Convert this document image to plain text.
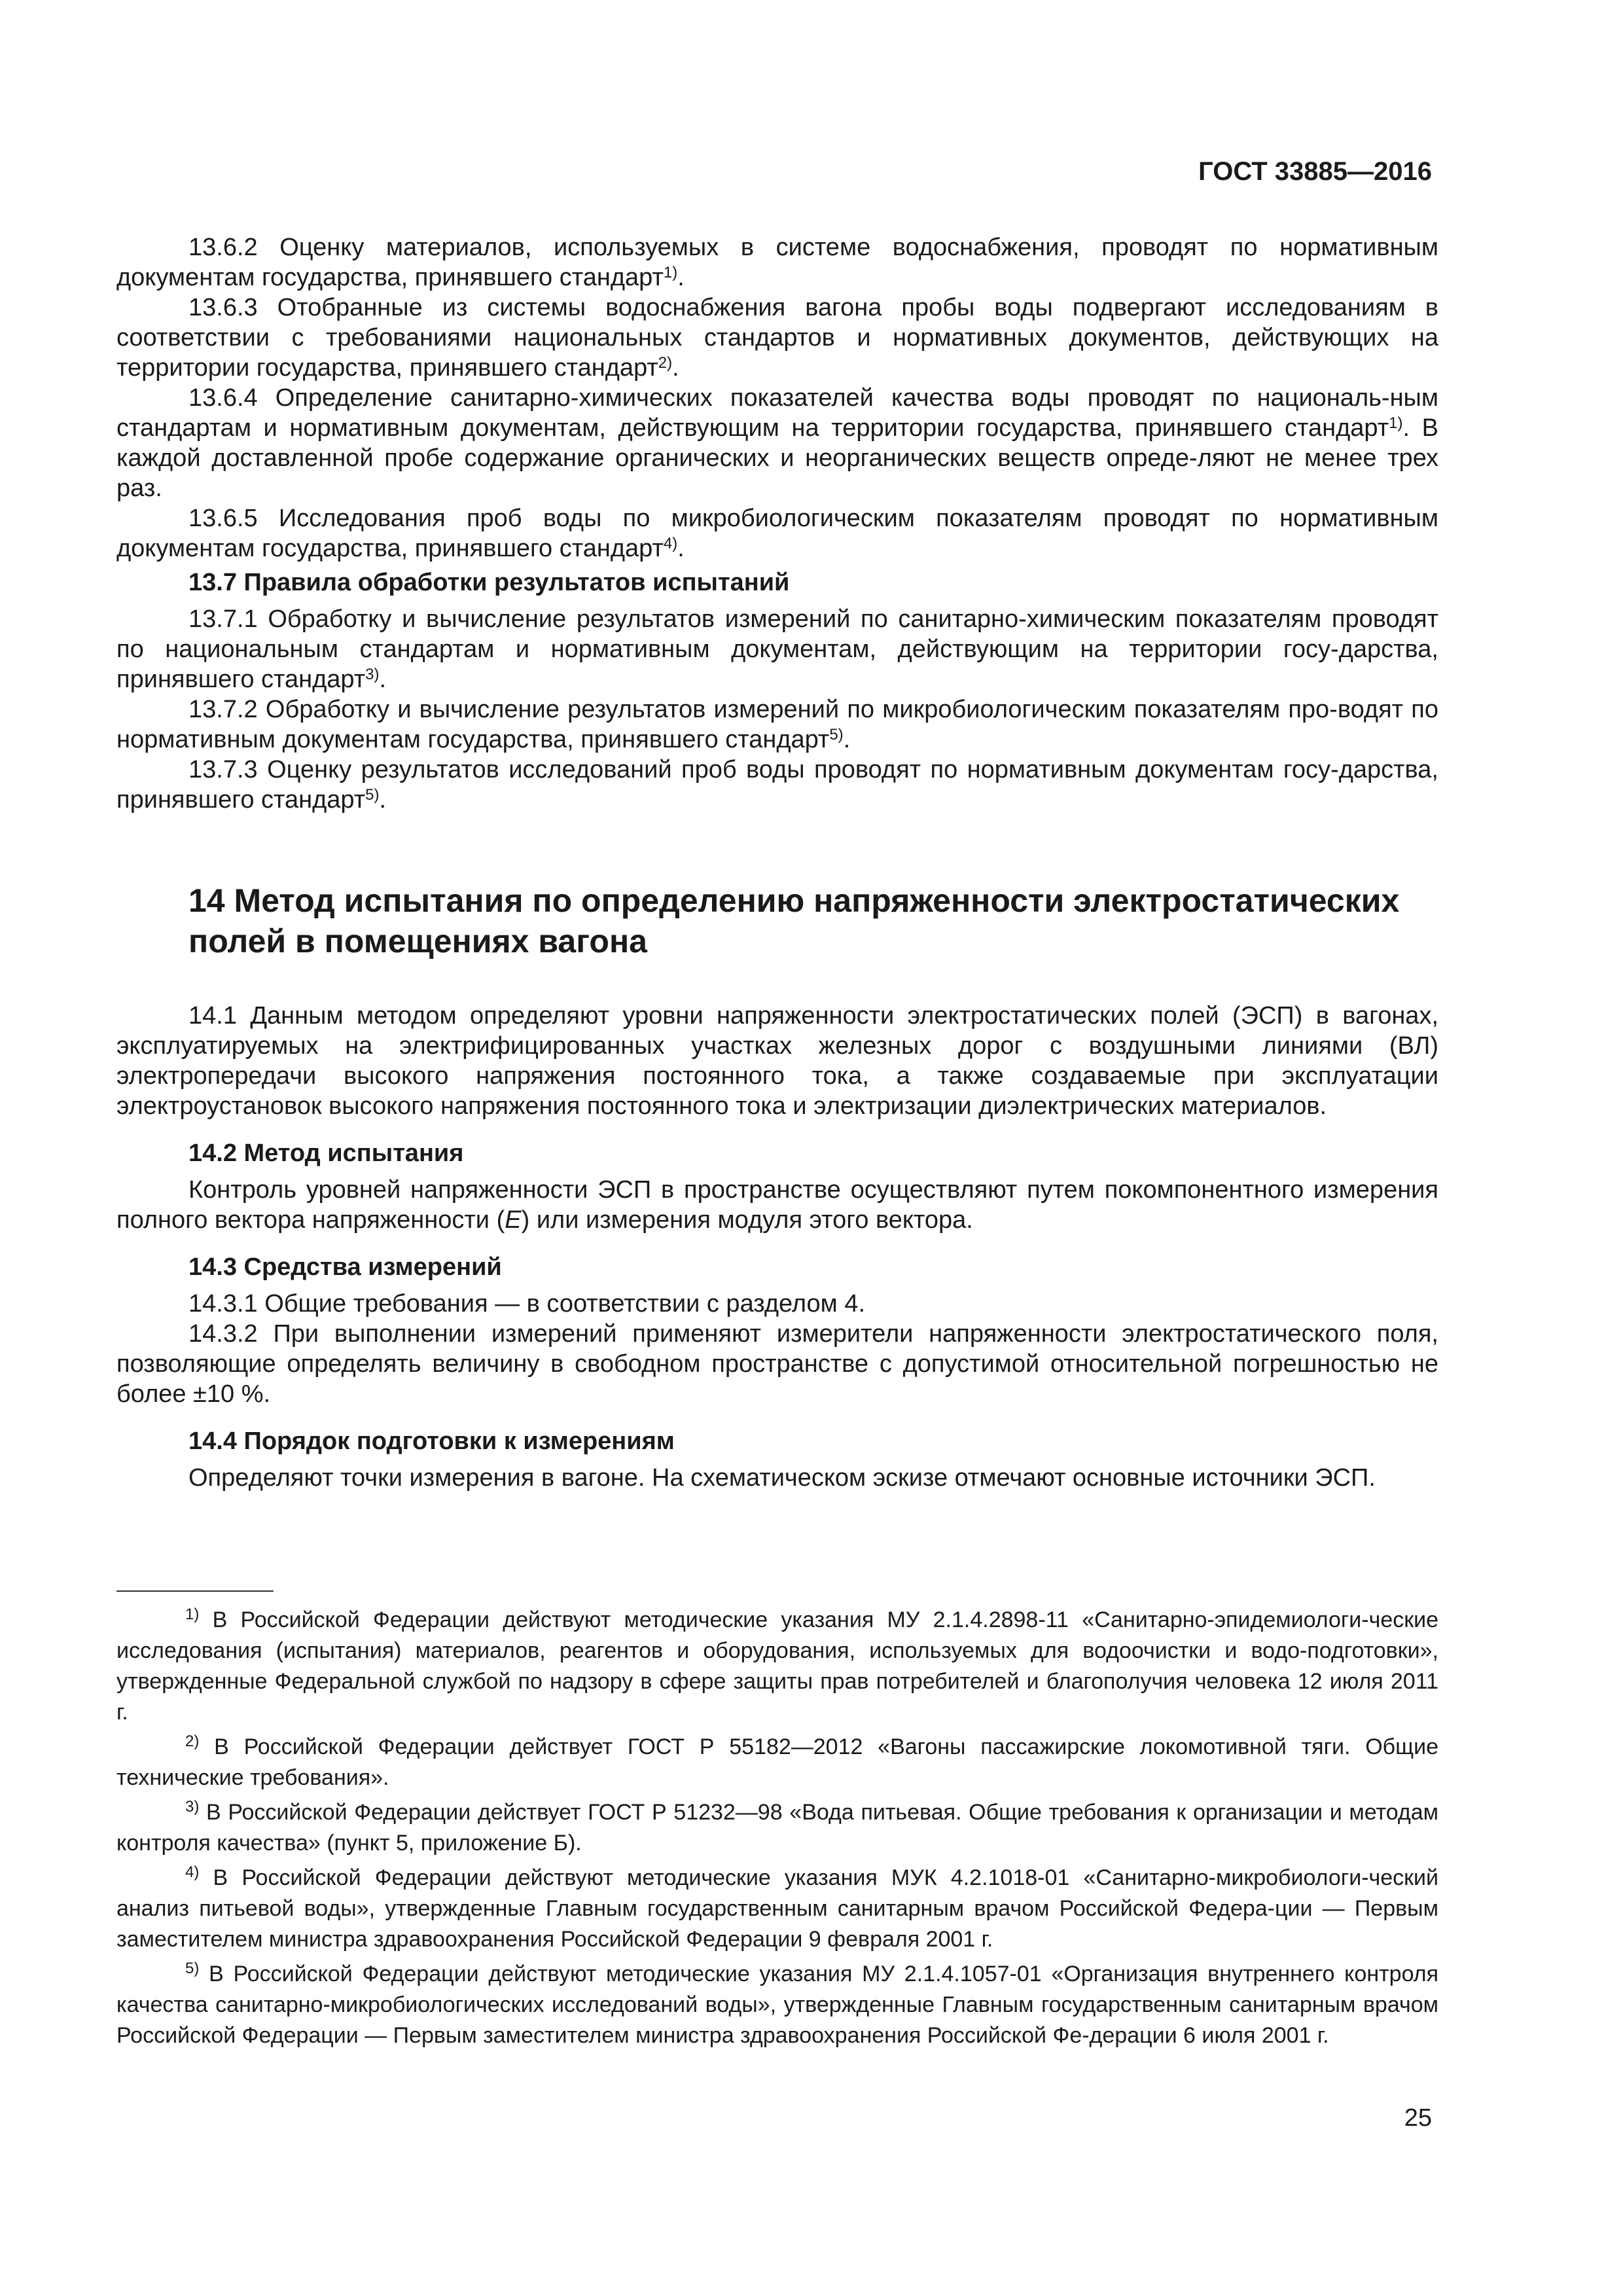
ГОСТ 33885—2016

13.6.2 Оценку материалов, используемых в системе водоснабжения, проводят по нормативным документам государства, принявшего стандарт$^{1)}$.

13.6.3 Отобранные из системы водоснабжения вагона пробы воды подвергают исследованиям в соответствии с требованиями национальных стандартов и нормативных документов, действующих на территории государства, принявшего стандарт$^{2)}$.

13.6.4 Определение санитарно-химических показателей качества воды проводят по националь-ным стандартам и нормативным документам, действующим на территории государства, принявшего стандарт$^{1)}$. В каждой доставленной пробе содержание органических и неорганических веществ опреде-ляют не менее трех раз.

13.6.5 Исследования проб воды по микробиологическим показателям проводят по нормативным документам государства, принявшего стандарт$^{4)}$.

13.7 Правила обработки результатов испытаний

13.7.1 Обработку и вычисление результатов измерений по санитарно-химическим показателям проводят по национальным стандартам и нормативным документам, действующим на территории госу-дарства, принявшего стандарт$^{3)}$.

13.7.2 Обработку и вычисление результатов измерений по микробиологическим показателям про-водят по нормативным документам государства, принявшего стандарт$^{5)}$.

13.7.3 Оценку результатов исследований проб воды проводят по нормативным документам госу-дарства, принявшего стандарт$^{5)}$.

14 Метод испытания по определению напряженности электростатических полей в помещениях вагона

14.1 Данным методом определяют уровни напряженности электростатических полей (ЭСП) в вагонах, эксплуатируемых на электрифицированных участках железных дорог с воздушными линиями (ВЛ) электропередачи высокого напряжения постоянного тока, а также создаваемые при эксплуатации электроустановок высокого напряжения постоянного тока и электризации диэлектрических материалов.

14.2 Метод испытания

Контроль уровней напряженности ЭСП в пространстве осуществляют путем покомпонентного измерения полного вектора напряженности (E) или измерения модуля этого вектора.

14.3 Средства измерений

14.3.1 Общие требования — в соответствии с разделом 4.

14.3.2 При выполнении измерений применяют измерители напряженности электростатического поля, позволяющие определять величину в свободном пространстве с допустимой относительной погрешностью не более ±10 %.

14.4 Порядок подготовки к измерениям

Определяют точки измерения в вагоне. На схематическом эскизе отмечают основные источники ЭСП.

$^{1)}$ В Российской Федерации действуют методические указания МУ 2.1.4.2898-11 «Санитарно-эпидемиологи-ческие исследования (испытания) материалов, реагентов и оборудования, используемых для водоочистки и водо-подготовки», утвержденные Федеральной службой по надзору в сфере защиты прав потребителей и благополучия человека 12 июля 2011 г.

$^{2)}$ В Российской Федерации действует ГОСТ Р 55182—2012 «Вагоны пассажирские локомотивной тяги. Общие технические требования».

$^{3)}$ В Российской Федерации действует ГОСТ Р 51232—98 «Вода питьевая. Общие требования к организации и методам контроля качества» (пункт 5, приложение Б).

$^{4)}$ В Российской Федерации действуют методические указания МУК 4.2.1018-01 «Санитарно-микробиологи-ческий анализ питьевой воды», утвержденные Главным государственным санитарным врачом Российской Федера-ции — Первым заместителем министра здравоохранения Российской Федерации 9 февраля 2001 г.

$^{5)}$ В Российской Федерации действуют методические указания МУ 2.1.4.1057-01 «Организация внутреннего контроля качества санитарно-микробиологических исследований воды», утвержденные Главным государственным санитарным врачом Российской Федерации — Первым заместителем министра здравоохранения Российской Фе-дерации 6 июля 2001 г.

25
